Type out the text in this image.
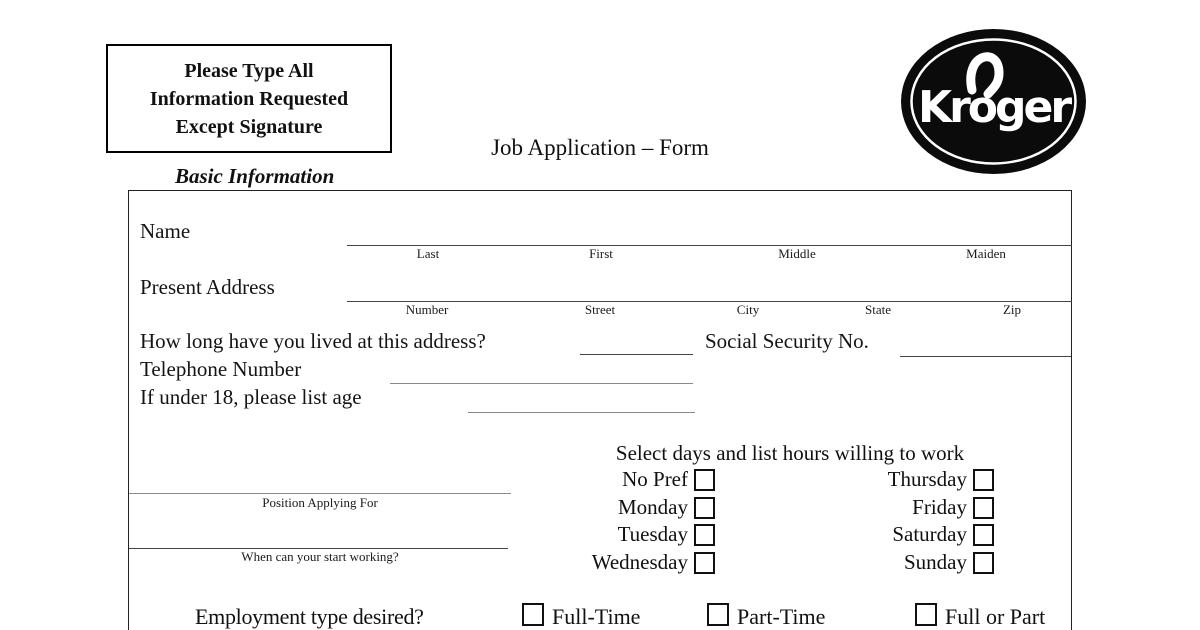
Please Type All
Information Requested
Except Signature	Kroger
Job Application – Form
Basic Information
Name
Last	First	Middle	Maiden
Present Address
Number	Street	City	State	Zip
How long have you lived at this address?	Social Security No.
Telephone Number
If under 18, please list age
Select days and list hours willing to work
No Pref
Monday
Tuesday
Wednesday
Thursday
Friday
Saturday
Sunday
Position Applying For
When can your start working?
Employment type desired?	Full-Time	Part-Time	Full or Part
